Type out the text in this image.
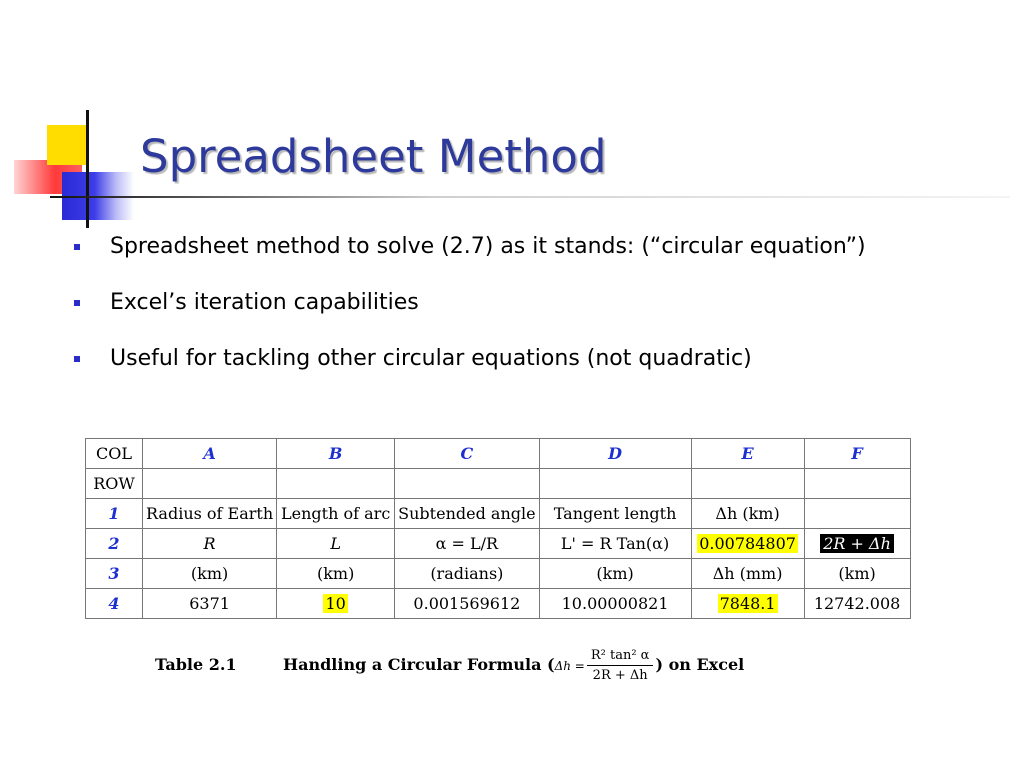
Spreadsheet Method
Spreadsheet method to solve (2.7) as it stands: (“circular equation”)
Excel’s iteration capabilities
Useful for tackling other circular equations (not quadratic)
COL	A	B	C	D	E	F
ROW						
1	Radius of Earth	Length of arc	Subtended angle	Tangent length	Δh (km)	
2	R	L	α = L/R	L' = R Tan(α)	0.00784807	2R + Δh
3	(km)	(km)	(radians)	(km)	Δh (mm)	(km)
4	6371	10	0.001569612	10.00000821	7848.1	12742.008
Table 2.1	Handling a Circular Formula ($\Delta h = \frac{\text{R² tan² α}}{2R + \Delta h}$ ) on Excel
